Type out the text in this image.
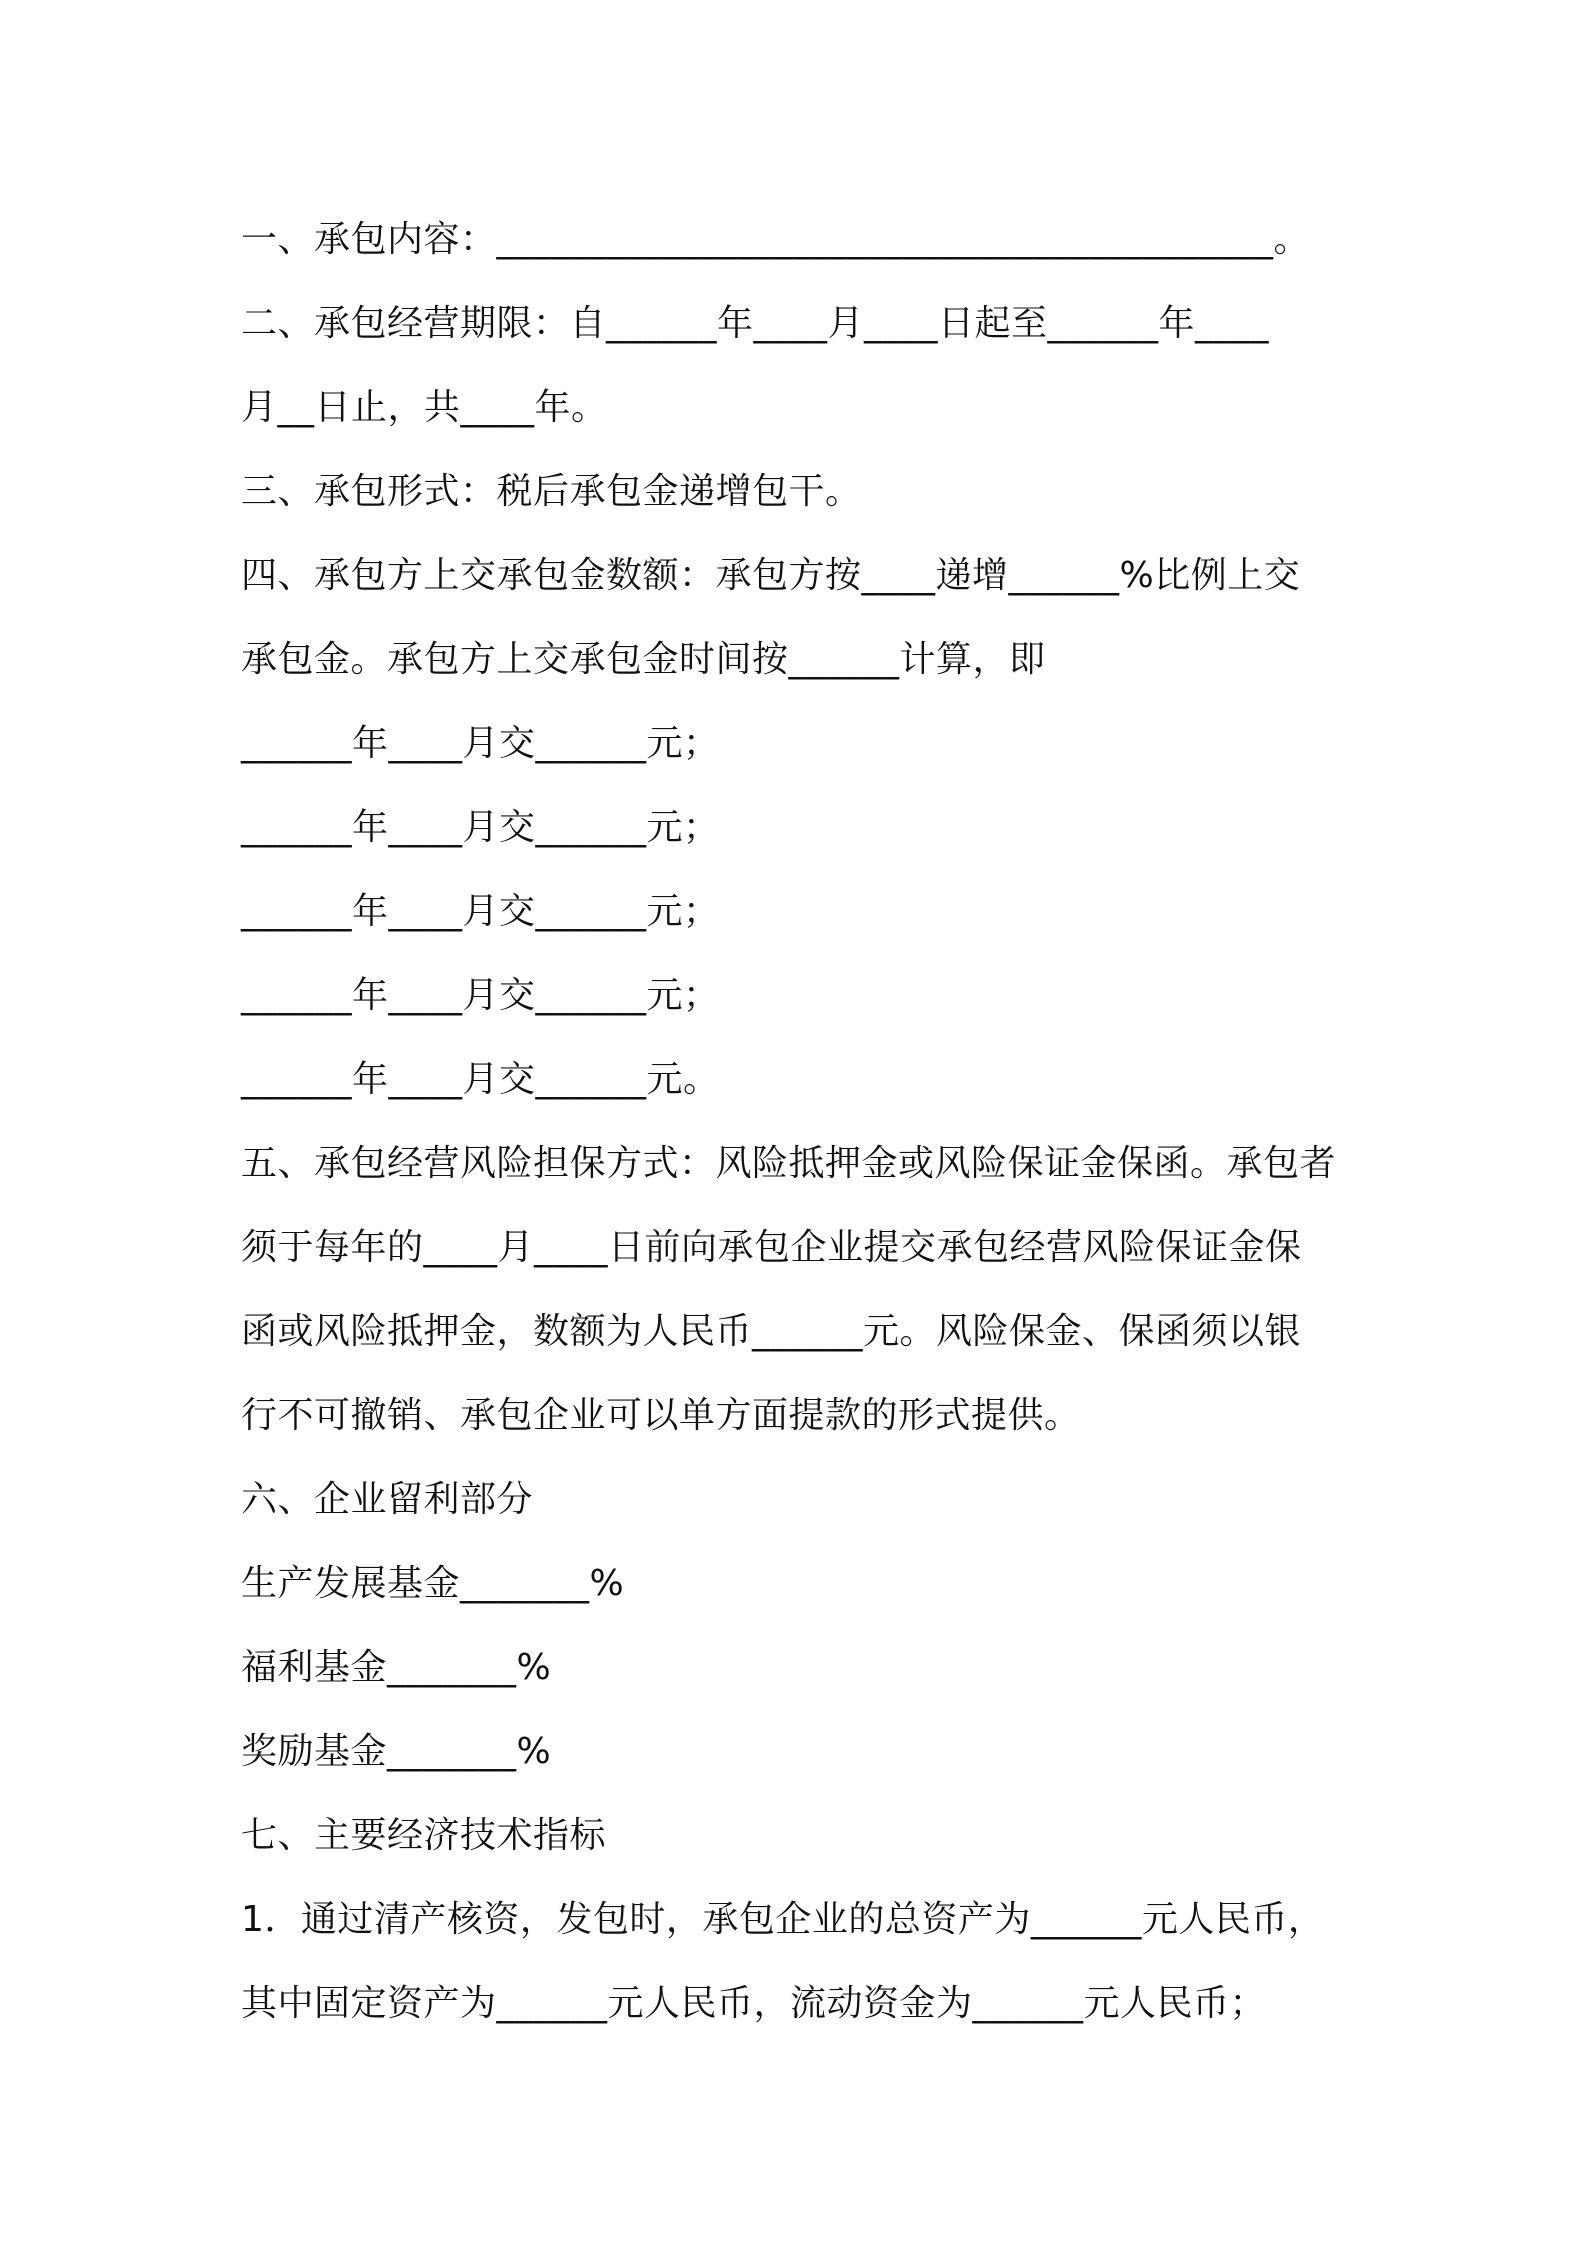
一、承包内容：__________________________________________。
二、承包经营期限：自______年____月____日起至______年____
月__日止，共____年。
三、承包形式：税后承包金递增包干。
四、承包方上交承包金数额：承包方按____递增______%比例上交
承包金。承包方上交承包金时间按______计算，即
______年____月交______元；
______年____月交______元；
______年____月交______元；
______年____月交______元；
______年____月交______元。
五、承包经营风险担保方式：风险抵押金或风险保证金保函。承包者
须于每年的____月____日前向承包企业提交承包经营风险保证金保
函或风险抵押金，数额为人民币______元。风险保金、保函须以银
行不可撤销、承包企业可以单方面提款的形式提供。
六、企业留利部分
生产发展基金_______%
福利基金_______%
奖励基金_______%
七、主要经济技术指标
1．通过清产核资，发包时，承包企业的总资产为______元人民币，
其中固定资产为______元人民币，流动资金为______元人民币；
